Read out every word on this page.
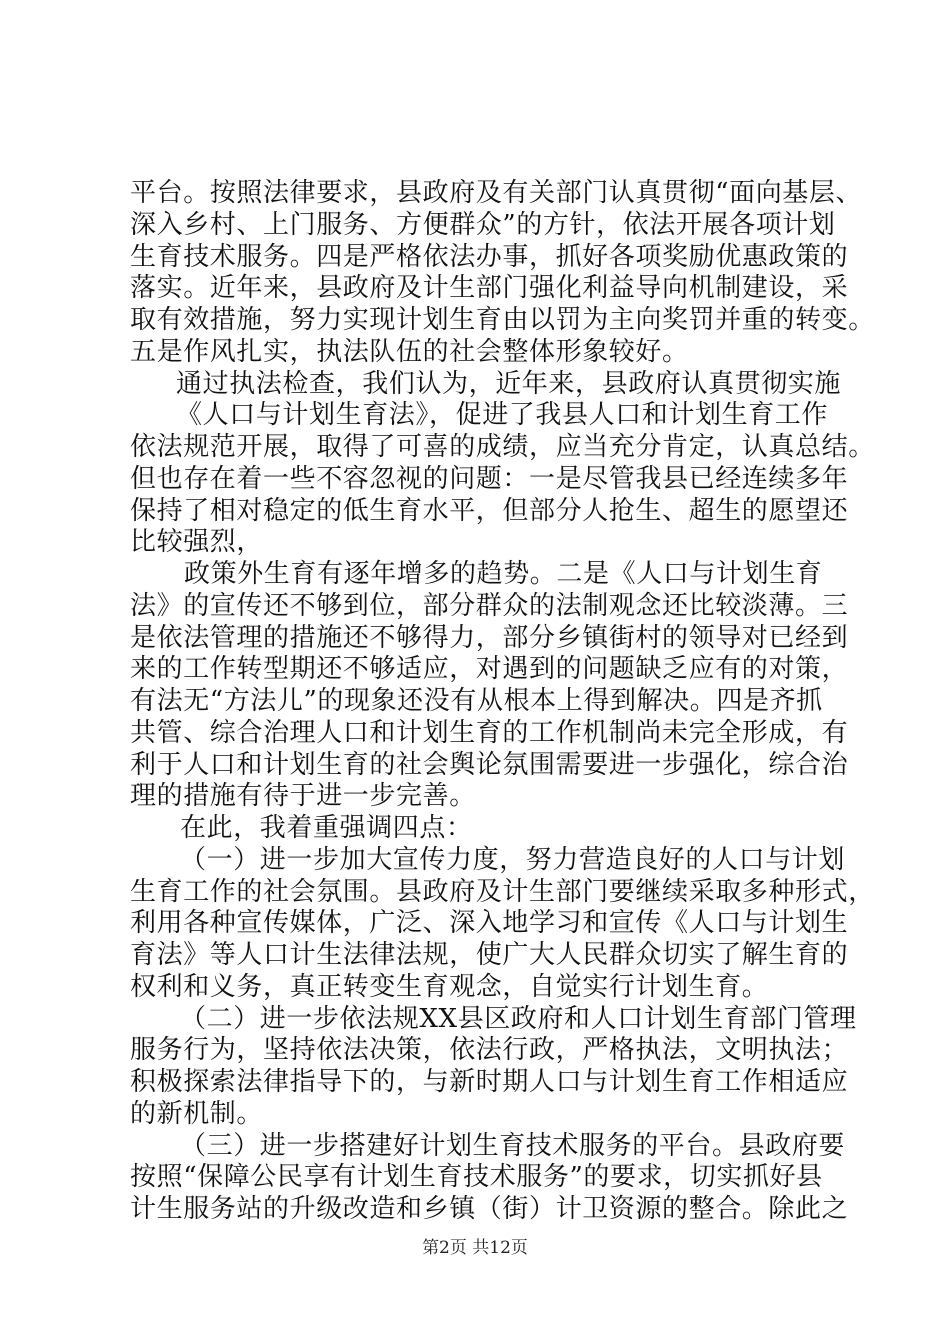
平台。按照法律要求，县政府及有关部门认真贯彻“面向基层、
深入乡村、上门服务、方便群众”的方针，依法开展各项计划
生育技术服务。四是严格依法办事，抓好各项奖励优惠政策的
落实。近年来，县政府及计生部门强化利益导向机制建设，采
取有效措施，努力实现计划生育由以罚为主向奖罚并重的转变。
五是作风扎实，执法队伍的社会整体形象较好。
通过执法检查，我们认为，近年来，县政府认真贯彻实施
《人口与计划生育法》，促进了我县人口和计划生育工作
依法规范开展，取得了可喜的成绩，应当充分肯定，认真总结。
但也存在着一些不容忽视的问题：一是尽管我县已经连续多年
保持了相对稳定的低生育水平，但部分人抢生、超生的愿望还
比较强烈，
政策外生育有逐年增多的趋势。二是《人口与计划生育
法》的宣传还不够到位，部分群众的法制观念还比较淡薄。三
是依法管理的措施还不够得力，部分乡镇街村的领导对已经到
来的工作转型期还不够适应，对遇到的问题缺乏应有的对策，
有法无“方法儿”的现象还没有从根本上得到解决。四是齐抓
共管、综合治理人口和计划生育的工作机制尚未完全形成，有
利于人口和计划生育的社会舆论氛围需要进一步强化，综合治
理的措施有待于进一步完善。
在此，我着重强调四点：
（一）进一步加大宣传力度，努力营造良好的人口与计划
生育工作的社会氛围。县政府及计生部门要继续采取多种形式，
利用各种宣传媒体，广泛、深入地学习和宣传《人口与计划生
育法》等人口计生法律法规，使广大人民群众切实了解生育的
权利和义务，真正转变生育观念，自觉实行计划生育。
（二）进一步依法规XX县区政府和人口计划生育部门管理
服务行为，坚持依法决策，依法行政，严格执法，文明执法；
积极探索法律指导下的，与新时期人口与计划生育工作相适应
的新机制。
（三）进一步搭建好计划生育技术服务的平台。县政府要
按照“保障公民享有计划生育技术服务”的要求，切实抓好县
计生服务站的升级改造和乡镇（街）计卫资源的整合。除此之
第2页 共12页
